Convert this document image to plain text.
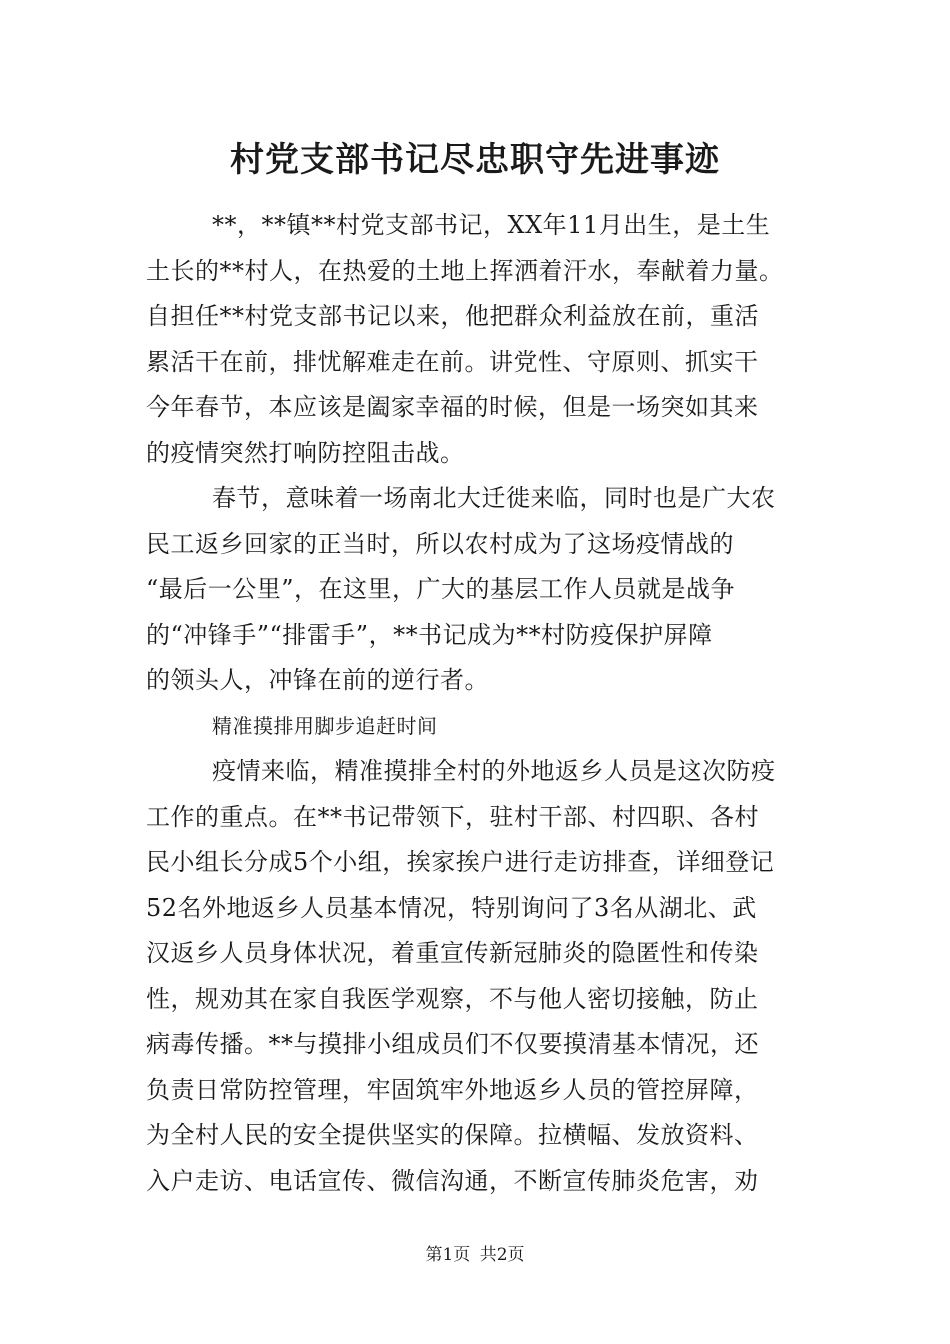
村党支部书记尽忠职守先进事迹
**，**镇**村党支部书记，XX年11月出生，是土生
土长的**村人，在热爱的土地上挥洒着汗水，奉献着力量。
自担任**村党支部书记以来，他把群众利益放在前，重活
累活干在前，排忧解难走在前。讲党性、守原则、抓实干
今年春节，本应该是阖家幸福的时候，但是一场突如其来
的疫情突然打响防控阻击战。
春节，意味着一场南北大迁徙来临，同时也是广大农
民工返乡回家的正当时，所以农村成为了这场疫情战的
“最后一公里”，在这里，广大的基层工作人员就是战争
的“冲锋手”“排雷手”，**书记成为**村防疫保护屏障
的领头人，冲锋在前的逆行者。
精准摸排用脚步追赶时间
疫情来临，精准摸排全村的外地返乡人员是这次防疫
工作的重点。在**书记带领下，驻村干部、村四职、各村
民小组长分成5个小组，挨家挨户进行走访排查，详细登记
52名外地返乡人员基本情况，特别询问了3名从湖北、武
汉返乡人员身体状况，着重宣传新冠肺炎的隐匿性和传染
性，规劝其在家自我医学观察，不与他人密切接触，防止
病毒传播。**与摸排小组成员们不仅要摸清基本情况，还
负责日常防控管理，牢固筑牢外地返乡人员的管控屏障，
为全村人民的安全提供坚实的保障。拉横幅、发放资料、
入户走访、电话宣传、微信沟通，不断宣传肺炎危害，劝
第1页 共2页
